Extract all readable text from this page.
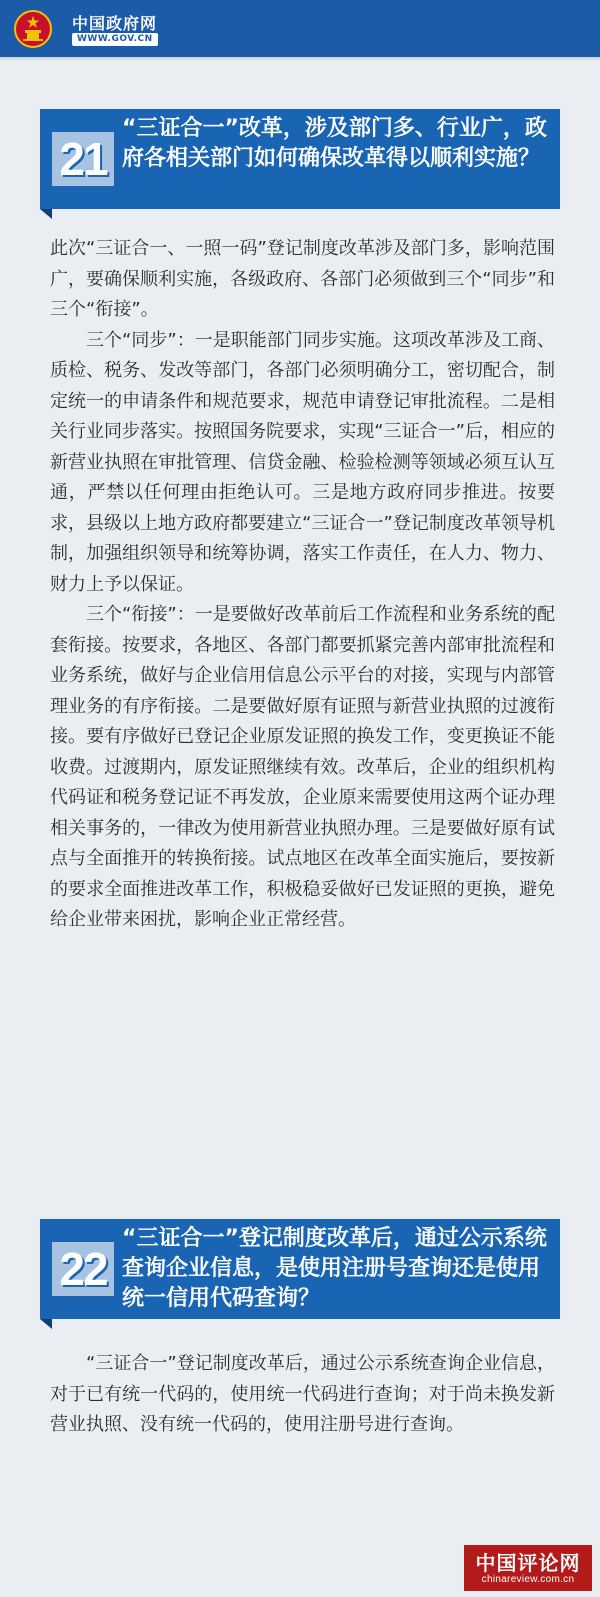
中国政府网
WWW.GOV.CN
21
“三证合一”改革，涉及部门多、行业广，政府各相关部门如何确保改革得以顺利实施？

此次“三证合一、一照一码”登记制度改革涉及部门多，影响范围广，要确保顺利实施，各级政府、各部门必须做到三个“同步”和三个“衔接”。

三个“同步”：一是职能部门同步实施。这项改革涉及工商、质检、税务、发改等部门，各部门必须明确分工，密切配合，制定统一的申请条件和规范要求，规范申请登记审批流程。二是相关行业同步落实。按照国务院要求，实现“三证合一”后，相应的新营业执照在审批管理、信贷金融、检验检测等领域必须互认互通，严禁以任何理由拒绝认可。三是地方政府同步推进。按要求，县级以上地方政府都要建立“三证合一”登记制度改革领导机制，加强组织领导和统筹协调，落实工作责任，在人力、物力、财力上予以保证。

三个“衔接”：一是要做好改革前后工作流程和业务系统的配套衔接。按要求，各地区、各部门都要抓紧完善内部审批流程和业务系统，做好与企业信用信息公示平台的对接，实现与内部管理业务的有序衔接。二是要做好原有证照与新营业执照的过渡衔接。要有序做好已登记企业原发证照的换发工作，变更换证不能收费。过渡期内，原发证照继续有效。改革后，企业的组织机构代码证和税务登记证不再发放，企业原来需要使用这两个证办理相关事务的，一律改为使用新营业执照办理。三是要做好原有试点与全面推开的转换衔接。试点地区在改革全面实施后，要按新的要求全面推进改革工作，积极稳妥做好已发证照的更换，避免给企业带来困扰，影响企业正常经营。

22
“三证合一”登记制度改革后，通过公示系统查询企业信息，是使用注册号查询还是使用统一信用代码查询？

“三证合一”登记制度改革后，通过公示系统查询企业信息，对于已有统一代码的，使用统一代码进行查询；对于尚未换发新营业执照、没有统一代码的，使用注册号进行查询。

中国评论网
chinareview.com.cn
